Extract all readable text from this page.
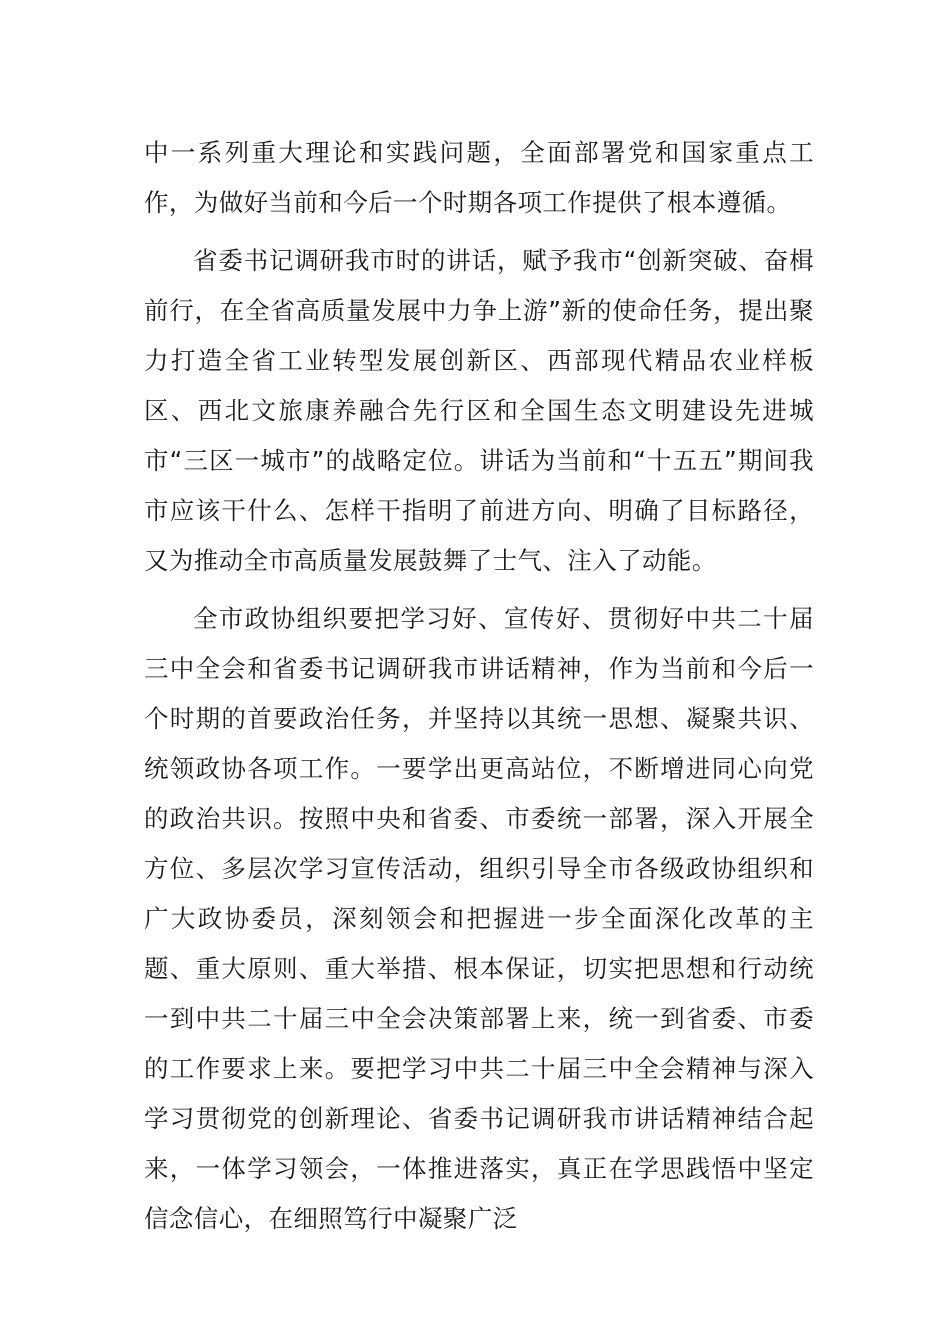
中一系列重大理论和实践问题，全面部署党和国家重点工作，为做好当前和今后一个时期各项工作提供了根本遵循。

省委书记调研我市时的讲话，赋予我市“创新突破、奋楫前行，在全省高质量发展中力争上游”新的使命任务，提出聚力打造全省工业转型发展创新区、西部现代精品农业样板区、西北文旅康养融合先行区和全国生态文明建设先进城市“三区一城市”的战略定位。讲话为当前和“十五五”期间我市应该干什么、怎样干指明了前进方向、明确了目标路径，又为推动全市高质量发展鼓舞了士气、注入了动能。

全市政协组织要把学习好、宣传好、贯彻好中共二十届三中全会和省委书记调研我市讲话精神，作为当前和今后一个时期的首要政治任务，并坚持以其统一思想、凝聚共识、统领政协各项工作。一要学出更高站位，不断增进同心向党的政治共识。按照中央和省委、市委统一部署，深入开展全方位、多层次学习宣传活动，组织引导全市各级政协组织和广大政协委员，深刻领会和把握进一步全面深化改革的主题、重大原则、重大举措、根本保证，切实把思想和行动统一到中共二十届三中全会决策部署上来，统一到省委、市委的工作要求上来。要把学习中共二十届三中全会精神与深入学习贯彻党的创新理论、省委书记调研我市讲话精神结合起来，一体学习领会，一体推进落实，真正在学思践悟中坚定信念信心，在细照笃行中凝聚广泛
